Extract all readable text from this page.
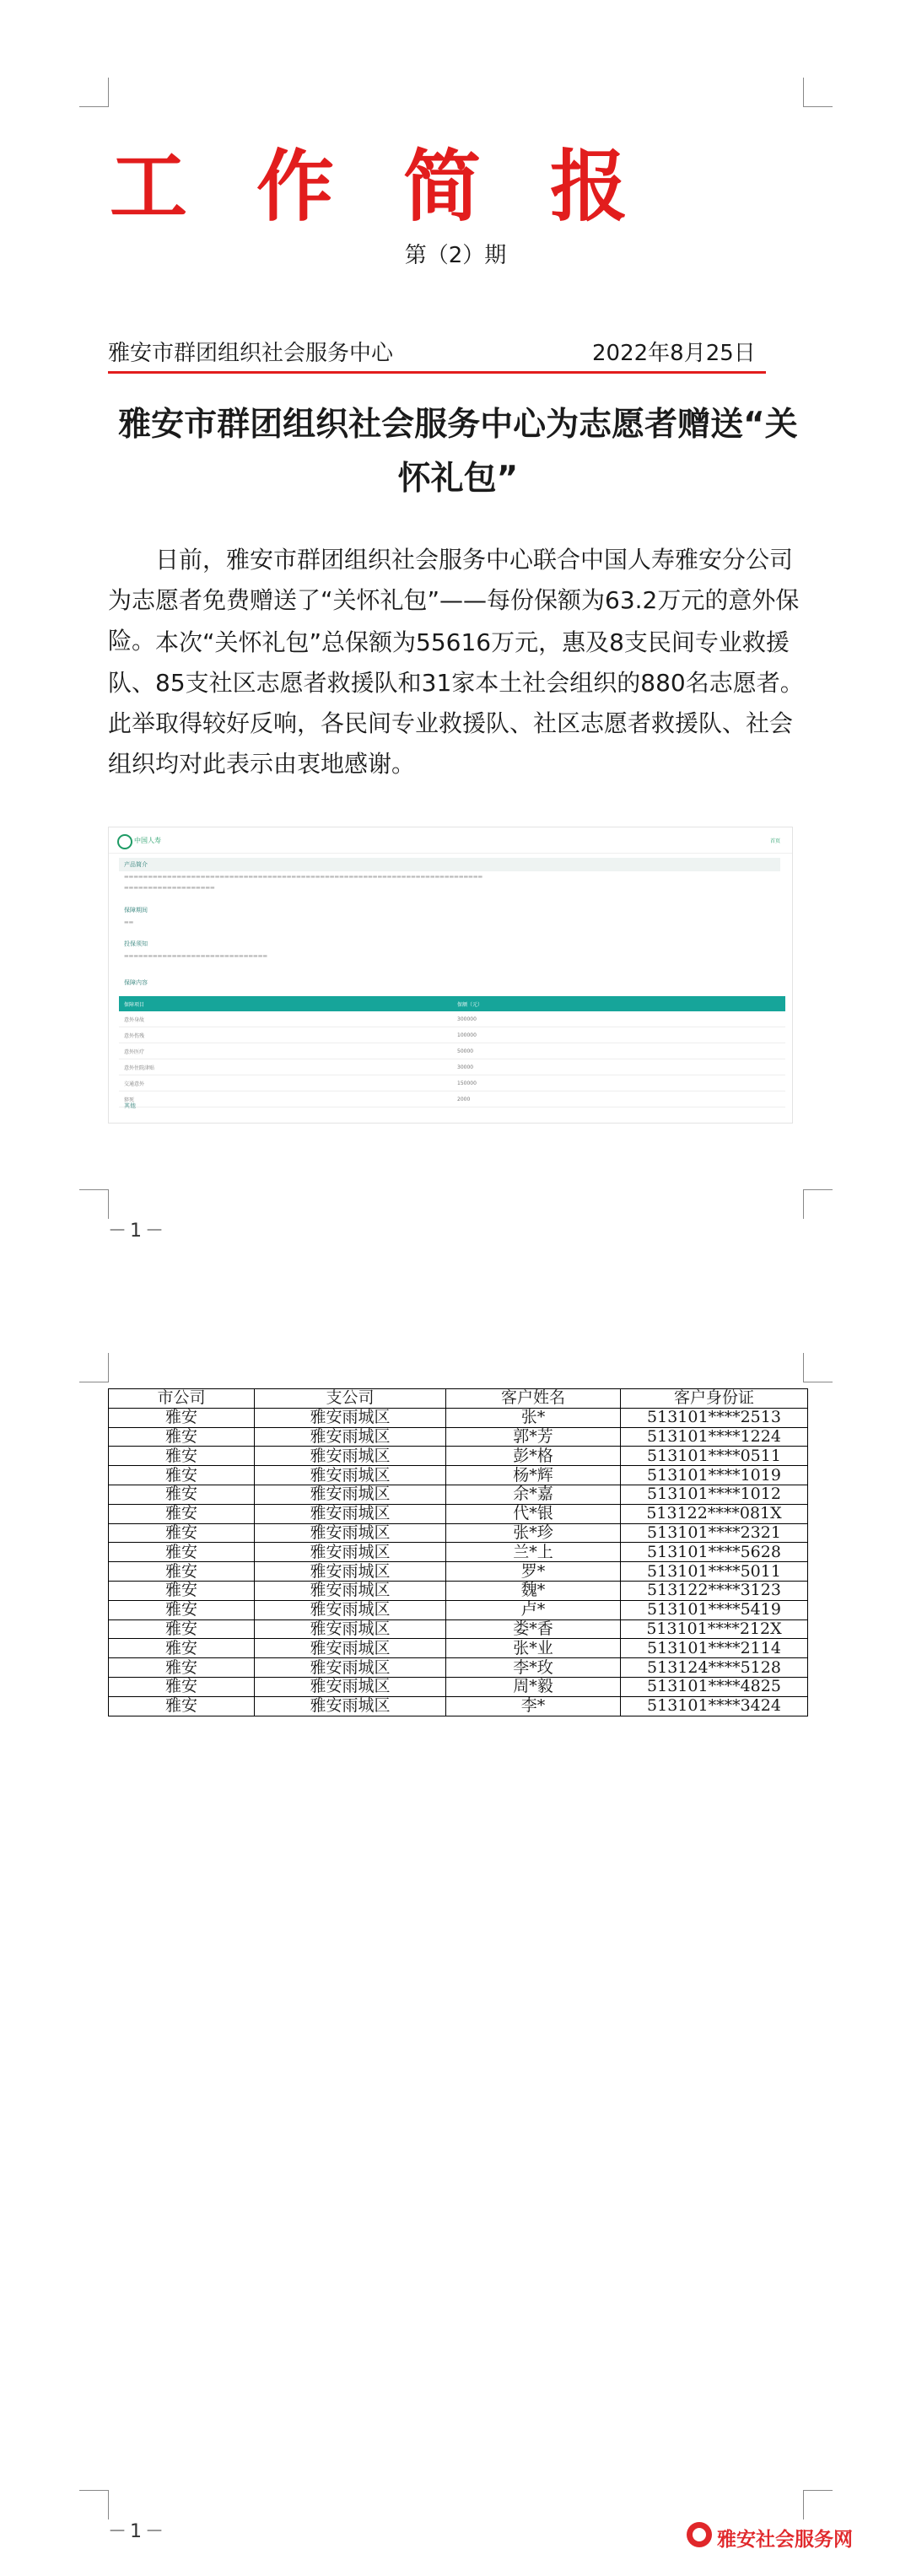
工作简报
第（2）期
雅安市群团组织社会服务中心	2022年8月25日
雅安市群团组织社会服务中心为志愿者赠送“关怀礼包”

日前，雅安市群团组织社会服务中心联合中国人寿雅安分公司为志愿者免费赠送了“关怀礼包”——每份保额为63.2万元的意外保险。 本次“关怀礼包”总保额为55616万元，惠及8支民间专业救援队、85支社区志愿者救援队和31家本土社会组织的880名志愿者。此举取得较好反响，各民间专业救援队、社区志愿者救援队、社会组织均对此表示由衷地感谢。

中国人寿	首页
产品简介
▬▬▬▬▬▬▬▬▬▬▬▬▬▬▬▬▬▬▬▬▬▬▬▬▬▬▬▬▬▬▬▬▬▬▬▬▬▬▬▬▬▬▬▬▬▬▬▬▬▬▬▬▬▬▬▬▬▬▬▬▬▬▬▬▬▬▬▬▬▬▬▬▬▬▬
▬▬▬▬▬▬▬▬▬▬▬▬▬▬▬▬▬▬▬
保障期间
▬▬
投保须知
▬▬▬▬▬▬▬▬▬▬▬▬▬▬▬▬▬▬▬▬▬▬▬▬▬▬▬▬▬▬
保障内容
保障项目	保额（元）
意外身故	300000
意外伤残	100000
意外医疗	50000
意外住院津贴	30000
交通意外	150000
猝死	2000
其他
－1－
－1－
市公司	支公司	客户姓名	客户身份证
雅安	雅安雨城区	张*	513101****2513
雅安	雅安雨城区	郭*芳	513101****1224
雅安	雅安雨城区	彭*格	513101****0511
雅安	雅安雨城区	杨*辉	513101****1019
雅安	雅安雨城区	余*嘉	513101****1012
雅安	雅安雨城区	代*银	513122****081X
雅安	雅安雨城区	张*珍	513101****2321
雅安	雅安雨城区	兰*上	513101****5628
雅安	雅安雨城区	罗*	513101****5011
雅安	雅安雨城区	魏*	513122****3123
雅安	雅安雨城区	卢*	513101****5419
雅安	雅安雨城区	娄*香	513101****212X
雅安	雅安雨城区	张*业	513101****2114
雅安	雅安雨城区	李*玫	513124****5128
雅安	雅安雨城区	周*毅	513101****4825
雅安	雅安雨城区	李*	513101****3424
雅安社会服务网
